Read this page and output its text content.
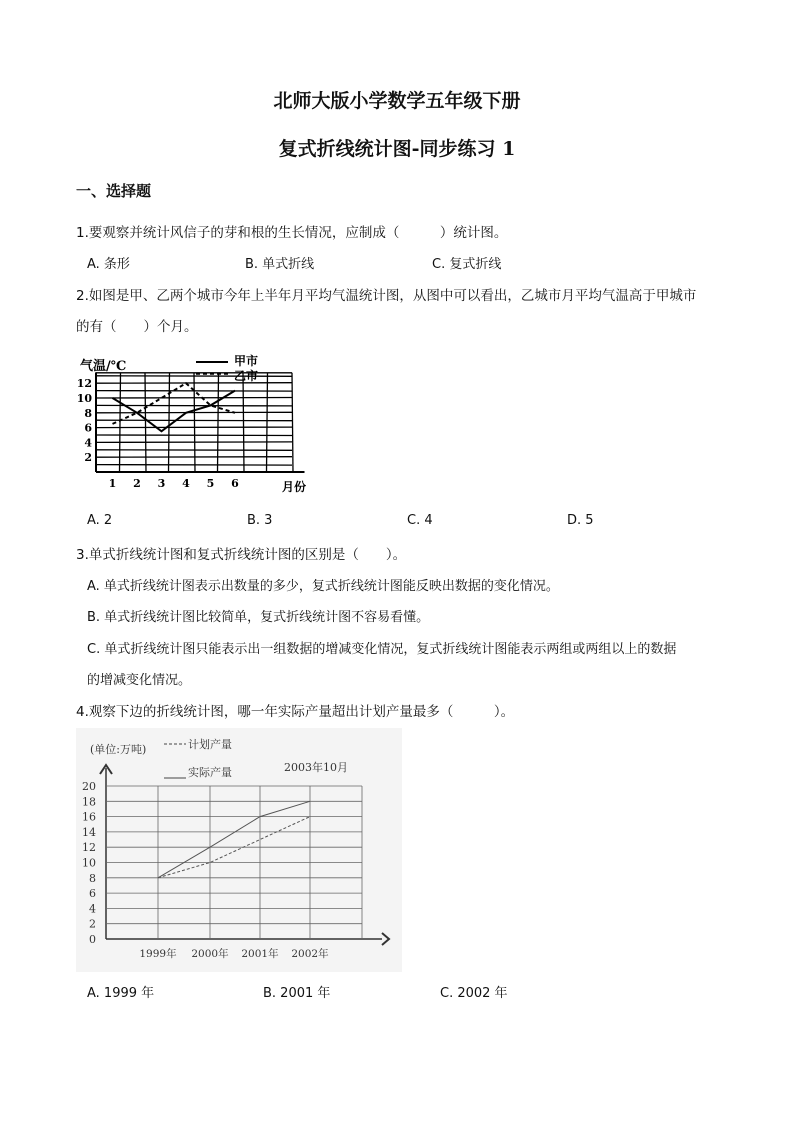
北师大版小学数学五年级下册
复式折线统计图-同步练习 1
一、选择题
1.要观察并统计风信子的芽和根的生长情况，应制成（　　　）统计图。
A. 条形	B. 单式折线	C. 复式折线
2.如图是甲、乙两个城市今年上半年月平均气温统计图，从图中可以看出，乙城市月平均气温高于甲城市
的有（　　）个月。
2
4
6
8
10
12
1 2 3 4 5 6
气温/℃
月份
甲市
乙市
A. 2	B. 3	C. 4	D. 5
3.单式折线统计图和复式折线统计图的区别是（　　）。
A. 单式折线统计图表示出数量的多少，复式折线统计图能反映出数据的变化情况。
B. 单式折线统计图比较简单，复式折线统计图不容易看懂。
C. 单式折线统计图只能表示出一组数据的增减变化情况，复式折线统计图能表示两组或两组以上的数据
的增减变化情况。
4.观察下边的折线统计图，哪一年实际产量超出计划产量最多（　　　）。
0
2
4
6
8
10
12
14
16
18
20
1999年 2000年 2001年 2002年
(单位:万吨)	计划产量
实际产量	2003年10月
A. 1999 年	B. 2001 年	C. 2002 年
